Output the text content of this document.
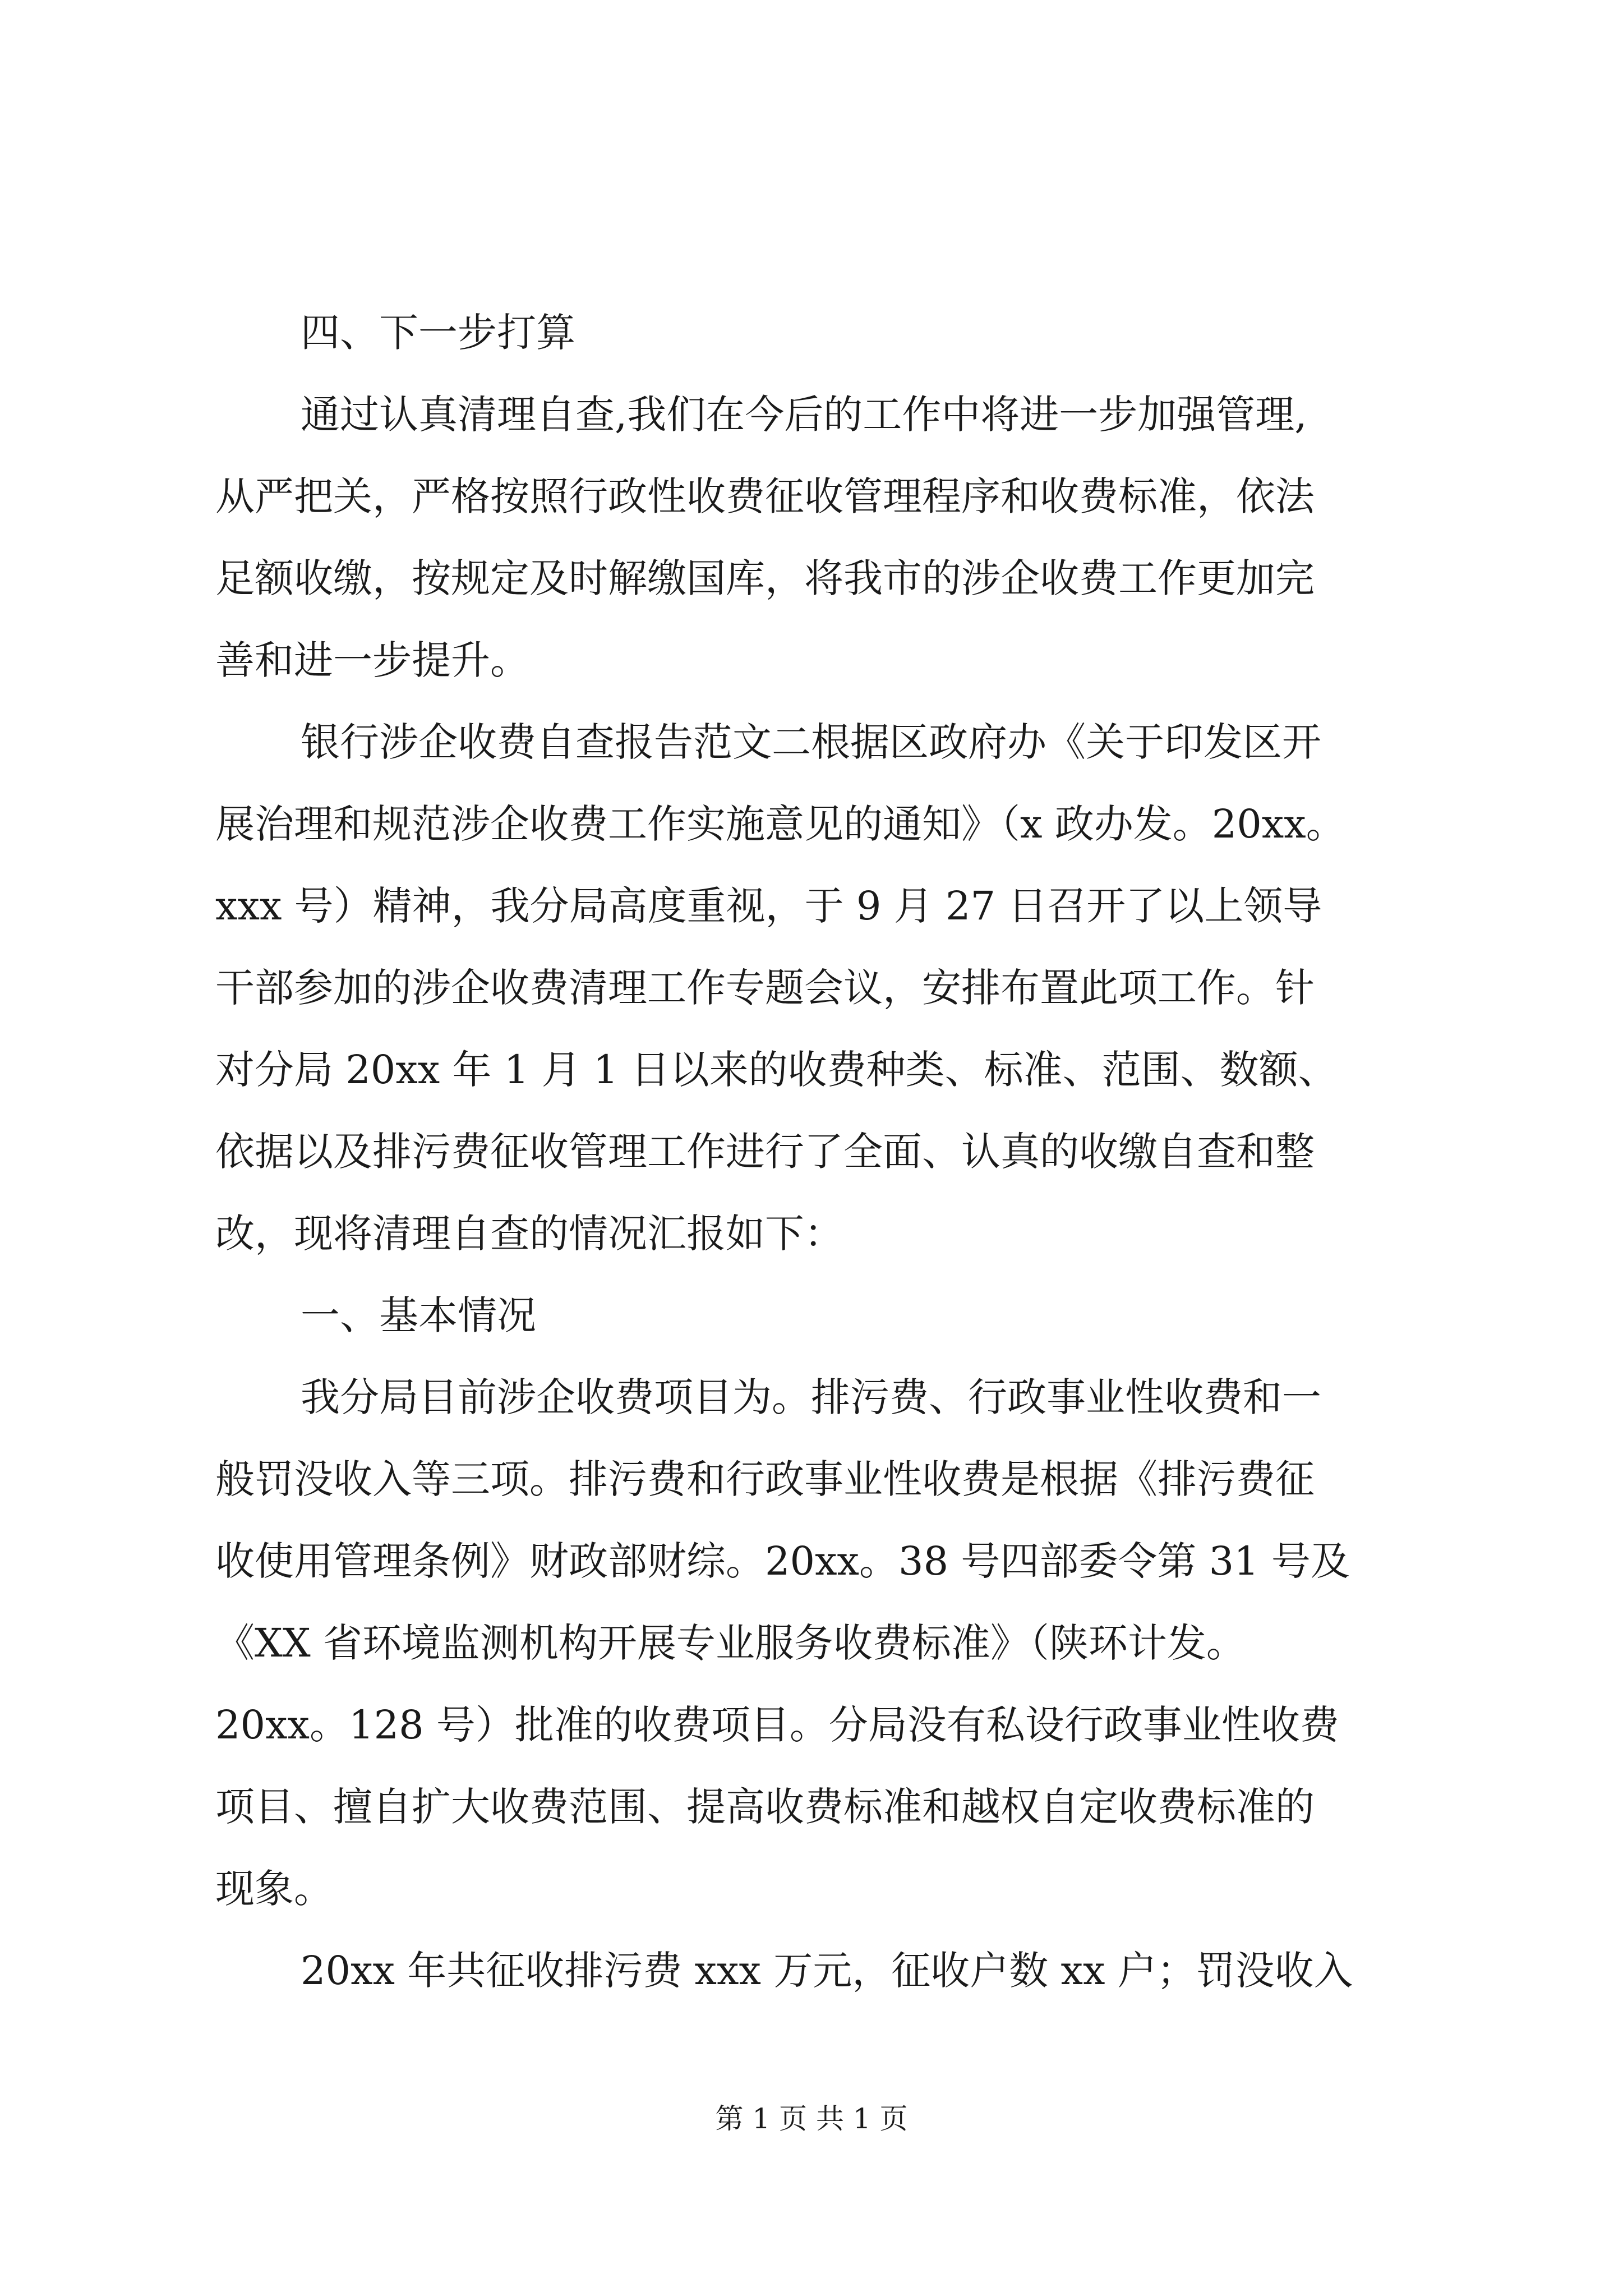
四、下一步打算
通过认真清理自查,我们在今后的工作中将进一步加强管理,
从严把关，严格按照行政性收费征收管理程序和收费标准，依法
足额收缴，按规定及时解缴国库，将我市的涉企收费工作更加完
善和进一步提升。
银行涉企收费自查报告范文二根据区政府办《关于印发区开
展治理和规范涉企收费工作实施意见的通知》（x 政办发。20xx。
xxx 号）精神，我分局高度重视，于 9 月 27 日召开了以上领导
干部参加的涉企收费清理工作专题会议，安排布置此项工作。针
对分局 20xx 年 1 月 1 日以来的收费种类、标准、范围、数额、
依据以及排污费征收管理工作进行了全面、认真的收缴自查和整
改，现将清理自查的情况汇报如下：
一、基本情况
我分局目前涉企收费项目为。排污费、行政事业性收费和一
般罚没收入等三项。排污费和行政事业性收费是根据《排污费征
收使用管理条例》财政部财综。20xx。38 号四部委令第 31 号及
《XX 省环境监测机构开展专业服务收费标准》（陕环计发。
20xx。128 号）批准的收费项目。分局没有私设行政事业性收费
项目、擅自扩大收费范围、提高收费标准和越权自定收费标准的
现象。
20xx 年共征收排污费 xxx 万元，征收户数 xx 户；罚没收入
第 1 页 共 1 页
